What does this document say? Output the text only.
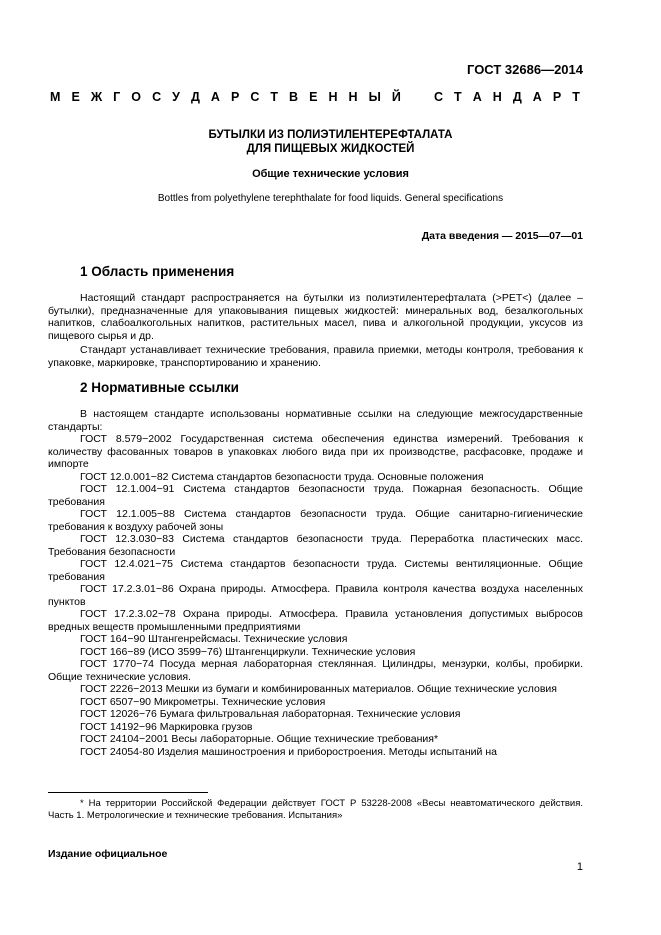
ГОСТ 32686—2014
М Е Ж Г О С У Д А Р С Т В Е Н Н Ы Й	С Т А Н Д А Р Т
БУТЫЛКИ ИЗ ПОЛИЭТИЛЕНТЕРЕФТАЛАТА
ДЛЯ ПИЩЕВЫХ ЖИДКОСТЕЙ
Общие технические условия
Bottles from polyethylene terephthalate for food liquids. General specifications
Дата введения — 2015—07—01
1 Область применения

Настоящий стандарт распространяется на бутылки из полиэтилентерефталата (>PET<) (далее – бутылки), предназначенные для упаковывания пищевых жидкостей: минеральных вод, безалкогольных напитков, слабоалкогольных напитков, растительных масел, пива и алкогольной продукции, уксусов из пищевого сырья и др.

Стандарт устанавливает технические требования, правила приемки, методы контроля, требования к упаковке, маркировке, транспортированию и хранению.

2 Нормативные ссылки

В настоящем стандарте использованы нормативные ссылки на следующие межгосударственные стандарты:

ГОСТ 8.579−2002 Государственная система обеспечения единства измерений. Требования к количеству фасованных товаров в упаковках любого вида при их производстве, расфасовке, продаже и импорте

ГОСТ 12.0.001−82 Система стандартов безопасности труда. Основные положения

ГОСТ 12.1.004−91 Система стандартов безопасности труда. Пожарная безопасность. Общие требования

ГОСТ 12.1.005−88 Система стандартов безопасности труда. Общие санитарно-гигиенические требования к воздуху рабочей зоны

ГОСТ 12.3.030−83 Система стандартов безопасности труда. Переработка пластических масс. Требования безопасности

ГОСТ 12.4.021−75 Система стандартов безопасности труда. Системы вентиляционные. Общие требования

ГОСТ 17.2.3.01−86 Охрана природы. Атмосфера. Правила контроля качества воздуха населенных пунктов

ГОСТ 17.2.3.02−78 Охрана природы. Атмосфера. Правила установления допустимых выбросов вредных веществ промышленными предприятиями

ГОСТ 164−90 Штангенрейсмасы. Технические условия

ГОСТ 166−89 (ИСО 3599−76) Штангенциркули. Технические условия

ГОСТ 1770−74 Посуда мерная лабораторная стеклянная. Цилиндры, мензурки, колбы, пробирки. Общие технические условия.

ГОСТ 2226−2013 Мешки из бумаги и комбинированных материалов. Общие технические условия

ГОСТ 6507−90 Микрометры. Технические условия

ГОСТ 12026−76 Бумага фильтровальная лабораторная. Технические условия

ГОСТ 14192−96 Маркировка грузов

ГОСТ 24104−2001 Весы лабораторные. Общие технические требования*

ГОСТ 24054-80 Изделия машиностроения и приборостроения. Методы испытаний на

* На территории Российской Федерации действует ГОСТ Р 53228-2008 «Весы неавтоматического действия. Часть 1. Метрологические и технические требования. Испытания»

Издание официальное
1
